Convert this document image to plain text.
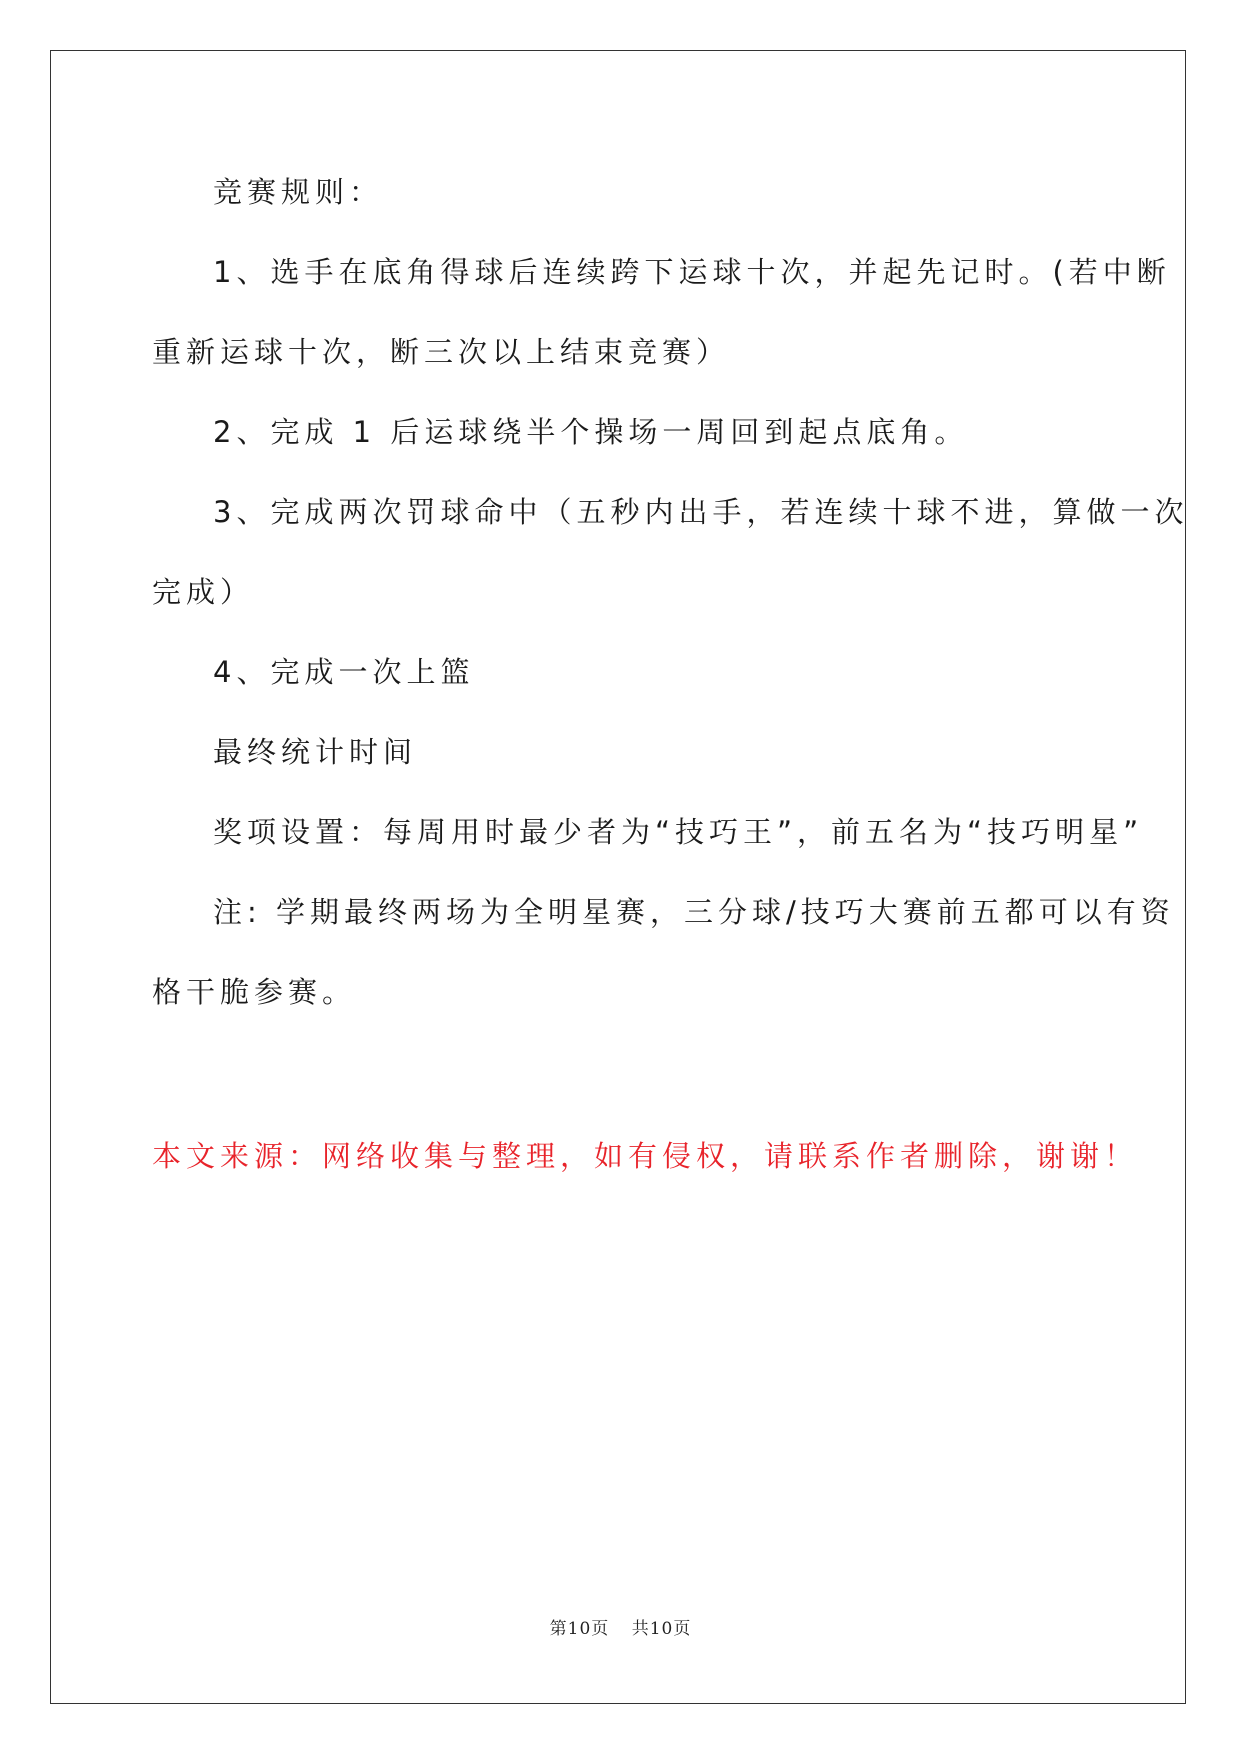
竞赛规则：
1、选手在底角得球后连续跨下运球十次，并起先记时。(若中断
重新运球十次，断三次以上结束竞赛）
2、完成 1 后运球绕半个操场一周回到起点底角。
3、完成两次罚球命中（五秒内出手，若连续十球不进，算做一次
完成）
4、完成一次上篮
最终统计时间
奖项设置：每周用时最少者为“技巧王”，前五名为“技巧明星”
注: 学期最终两场为全明星赛，三分球/技巧大赛前五都可以有资
格干脆参赛。
本文来源：网络收集与整理，如有侵权，请联系作者删除，谢谢！
第10页 共10页
